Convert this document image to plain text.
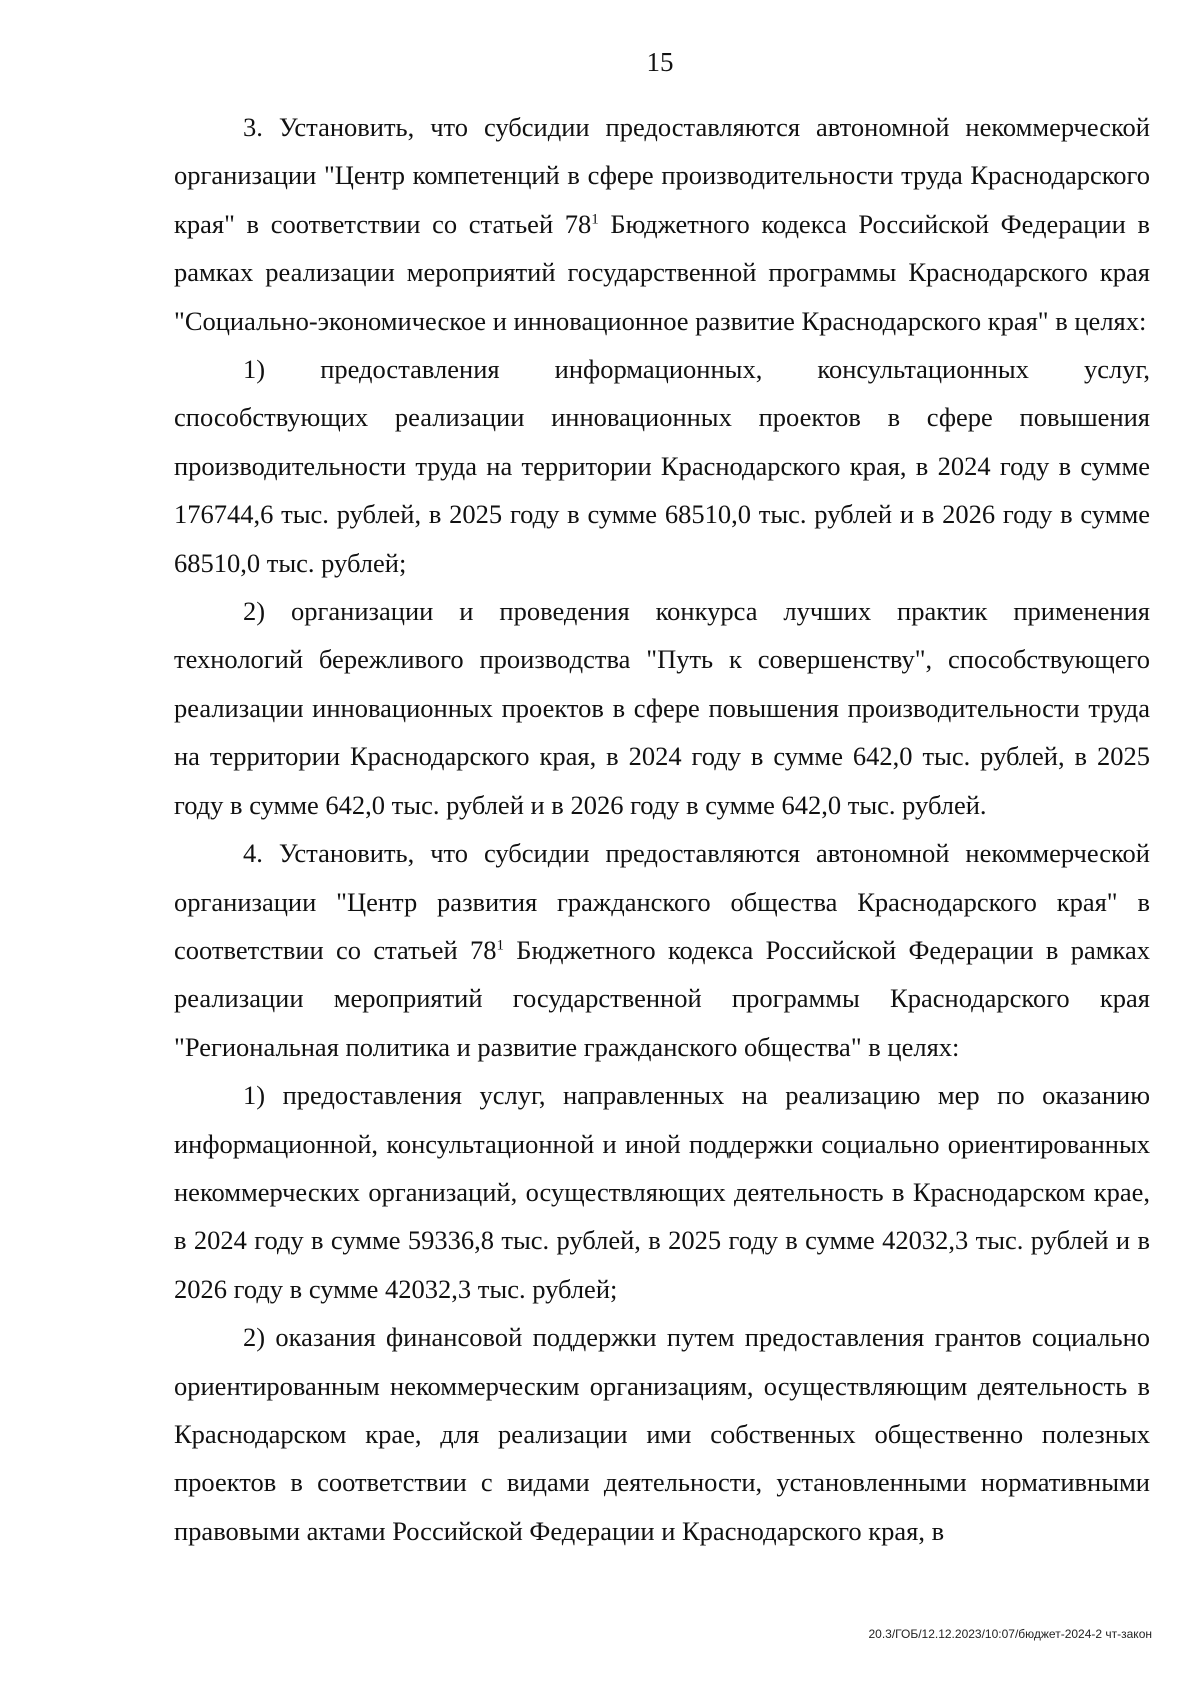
15

3. Установить, что субсидии предоставляются автономной некоммерческой организации "Центр компетенций в сфере производительности труда Краснодарского края" в соответствии со статьей $78^1$ Бюджетного кодекса Российской Федерации в рамках реализации мероприятий государственной программы Краснодарского края "Социально-экономическое и инновационное развитие Краснодарского края" в целях:

1) предоставления информационных, консультационных услуг, способствующих реализации инновационных проектов в сфере повышения производительности труда на территории Краснодарского края, в 2024 году в сумме 176744,6 тыс. рублей, в 2025 году в сумме 68510,0 тыс. рублей и в 2026 году в сумме 68510,0 тыс. рублей;

2) организации и проведения конкурса лучших практик применения технологий бережливого производства "Путь к совершенству", способствующего реализации инновационных проектов в сфере повышения производительности труда на территории Краснодарского края, в 2024 году в сумме 642,0 тыс. рублей, в 2025 году в сумме 642,0 тыс. рублей и в 2026 году в сумме 642,0 тыс. рублей.

4. Установить, что субсидии предоставляются автономной некоммерческой организации "Центр развития гражданского общества Краснодарского края" в соответствии со статьей $78^1$ Бюджетного кодекса Российской Федерации в рамках реализации мероприятий государственной программы Краснодарского края "Региональная политика и развитие гражданского общества" в целях:

1) предоставления услуг, направленных на реализацию мер по оказанию информационной, консультационной и иной поддержки социально ориентированных некоммерческих организаций, осуществляющих деятельность в Краснодарском крае, в 2024 году в сумме 59336,8 тыс. рублей, в 2025 году в сумме 42032,3 тыс. рублей и в 2026 году в сумме 42032,3 тыс. рублей;

2) оказания финансовой поддержки путем предоставления грантов социально ориентированным некоммерческим организациям, осуществляющим деятельность в Краснодарском крае, для реализации ими собственных общественно полезных проектов в соответствии с видами деятельности, установленными нормативными правовыми актами Российской Федерации и Краснодарского края, в

20.3/ГОБ/12.12.2023/10:07/бюджет-2024-2 чт-закон
